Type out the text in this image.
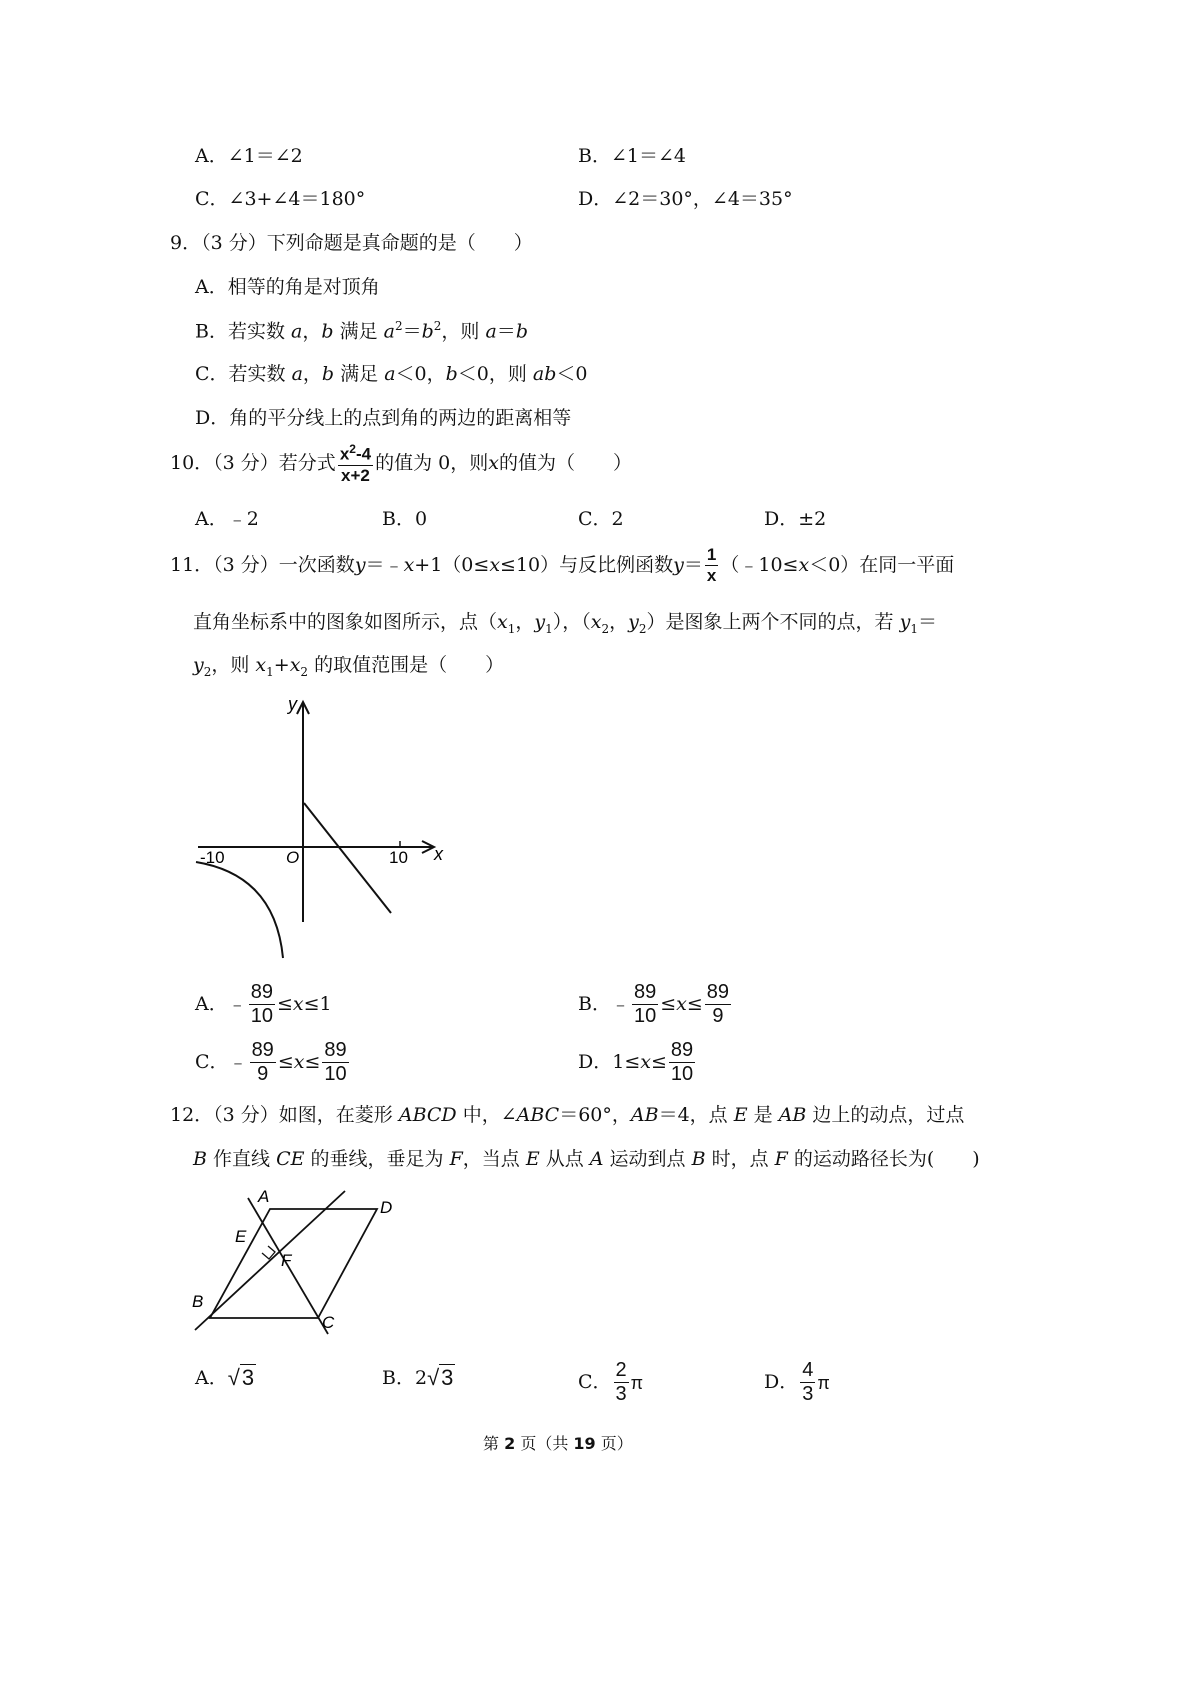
A．∠1＝∠2	B．∠1＝∠4
C．∠3+∠4＝180°	D．∠2＝30°，∠4＝35°
9．（3 分）下列命题是真命题的是（　　）
A．相等的角是对顶角
B．若实数 a，b 满足 $a^2=b^2$，则 a＝b
C．若实数 a，b 满足 a＜0，b＜0，则 ab＜0
D．角的平分线上的点到角的两边的距离相等
10．（3 分）若分式 $\frac{x^2-4}{x+2}$ 的值为 0，则 x 的值为（　　）
A．﹣2	B．0	C．2	D．±2
11．（3 分）一次函数 y ＝﹣ x +1（0≤ x ≤10）与反比例函数 $y = \frac{1}{x}$ （﹣10≤ x ＜0）在同一平面
直角坐标系中的图象如图所示，点（$x_1$，$y_1$），（$x_2$，$y_2$）是图象上两个不同的点，若 $y_1=$
$y_2$，则 $x_1+x_2$ 的取值范围是（　　）
y
x
O
-10	10
A． ﹣ $\frac{89}{10} \le x \le 1$	B． ﹣ $\frac{89}{10} \le x \le \frac{89}{9}$
C． ﹣ $\frac{89}{9} \le x \le \frac{89}{10}$	D． $1\le x \le \frac{89}{10}$
12．（3 分）如图，在菱形 ABCD 中，∠ABC＝60°，AB＝4，点 E 是 AB 边上的动点，过点
B 作直线 CE 的垂线，垂足为 F，当点 E 从点 A 运动到点 B 时，点 F 的运动路径长为(　　)
A
D
E
F
B
C
A． √3	B． 2 √3	C． $\frac{2}{3}$ π	D． $\frac{4}{3}$ π
第 2 页（共 19 页）
